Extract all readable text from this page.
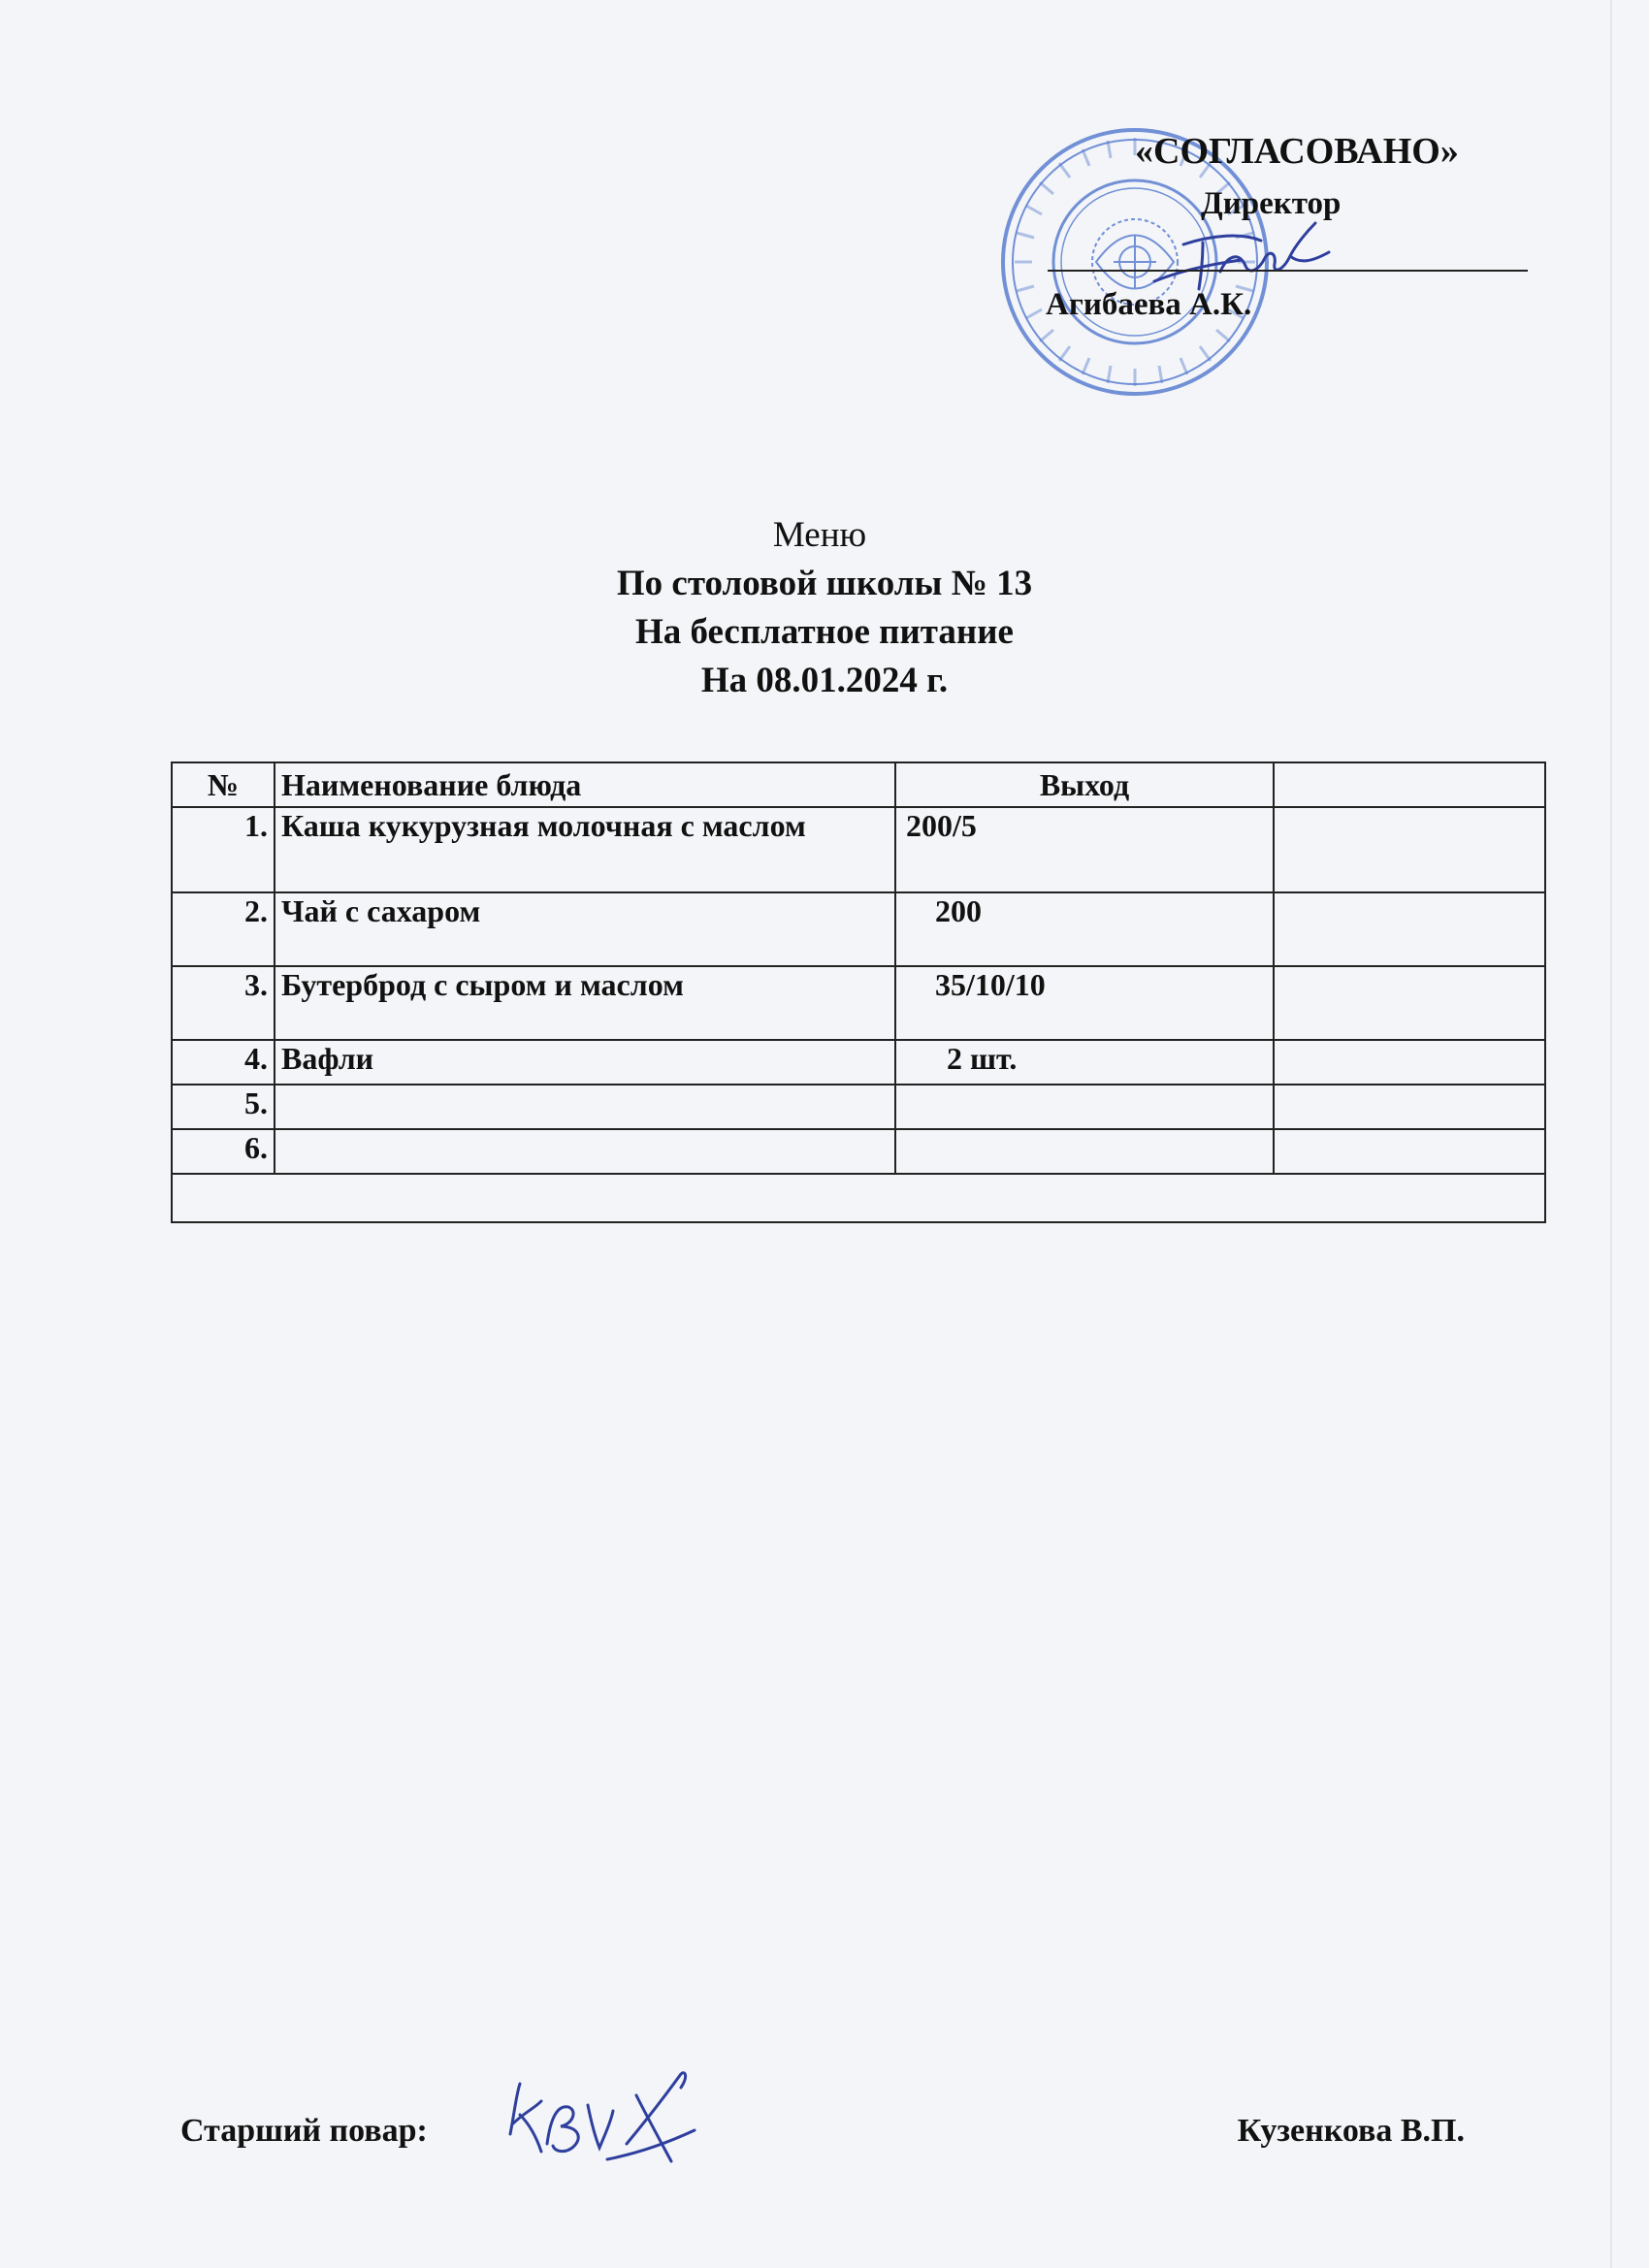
«СОГЛАСОВАНО»
Директор
Агибаева А.К.
Меню
По столовой школы № 13
На бесплатное питание
На 08.01.2024 г.
№	Наименование блюда	Выход	
1.	Каша кукурузная молочная с маслом	200/5	
2.	Чай с сахаром	200	
3.	Бутерброд с сыром и маслом	35/10/10	
4.	Вафли	2 шт.	
5.			
6.			

Старший повар:	Кузенкова В.П.
